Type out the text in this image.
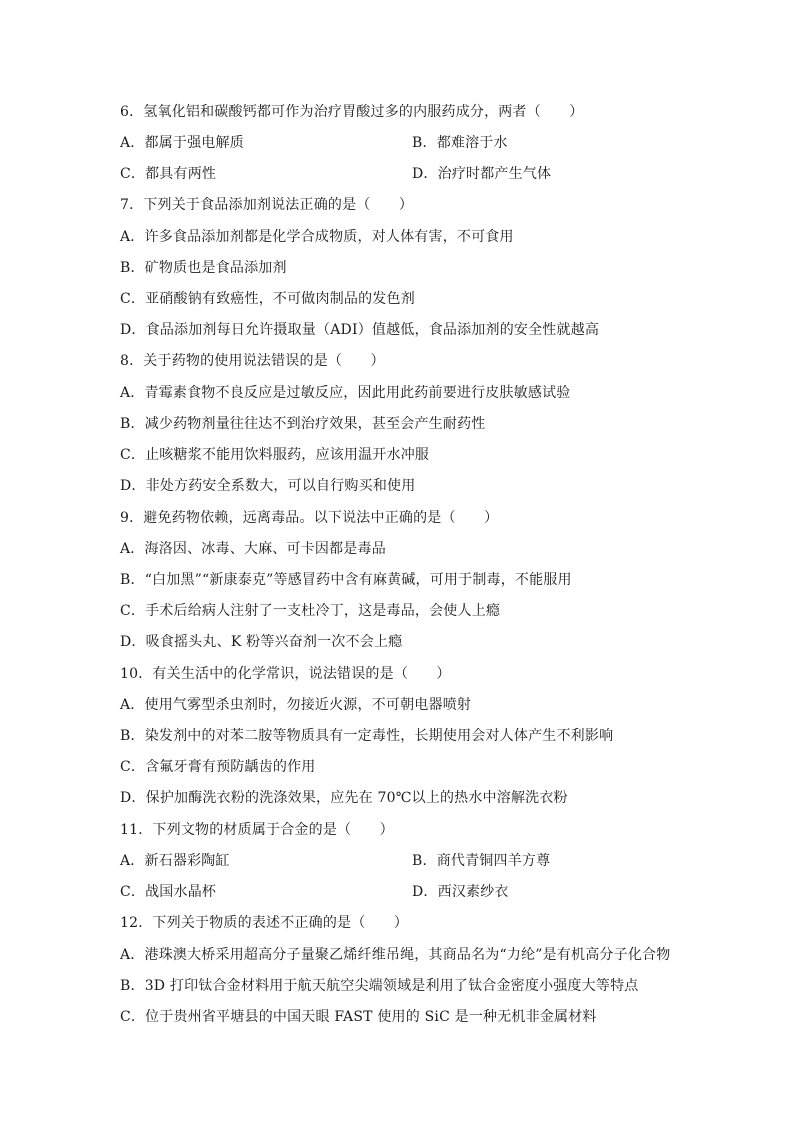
6．氢氧化铝和碳酸钙都可作为治疗胃酸过多的内服药成分，两者（　　）
A．都属于强电解质	B．都难溶于水
C．都具有两性	D．治疗时都产生气体
7．下列关于食品添加剂说法正确的是（　　）
A．许多食品添加剂都是化学合成物质，对人体有害，不可食用
B．矿物质也是食品添加剂
C．亚硝酸钠有致癌性，不可做肉制品的发色剂
D．食品添加剂每日允许摄取量（ADI）值越低，食品添加剂的安全性就越高
8．关于药物的使用说法错误的是（　　）
A．青霉素食物不良反应是过敏反应，因此用此药前要进行皮肤敏感试验
B．减少药物剂量往往达不到治疗效果，甚至会产生耐药性
C．止咳糖浆不能用饮料服药，应该用温开水冲服
D．非处方药安全系数大，可以自行购买和使用
9．避免药物依赖，远离毒品。以下说法中正确的是（　　）
A．海洛因、冰毒、大麻、可卡因都是毒品
B．“白加黑”“新康泰克”等感冒药中含有麻黄碱，可用于制毒，不能服用
C．手术后给病人注射了一支杜冷丁，这是毒品，会使人上瘾
D．吸食摇头丸、K 粉等兴奋剂一次不会上瘾
10．有关生活中的化学常识，说法错误的是（　　）
A．使用气雾型杀虫剂时，勿接近火源，不可朝电器喷射
B．染发剂中的对苯二胺等物质具有一定毒性，长期使用会对人体产生不利影响
C．含氟牙膏有预防龋齿的作用
D．保护加酶洗衣粉的洗涤效果，应先在 70℃以上的热水中溶解洗衣粉
11．下列文物的材质属于合金的是（　　）
A．新石器彩陶缸	B．商代青铜四羊方尊
C．战国水晶杯	D．西汉素纱衣
12．下列关于物质的表述不正确的是（　　）
A．港珠澳大桥采用超高分子量聚乙烯纤维吊绳，其商品名为“力纶”是有机高分子化合物
B．3D 打印钛合金材料用于航天航空尖端领域是利用了钛合金密度小强度大等特点
C．位于贵州省平塘县的中国天眼 FAST 使用的 SiC 是一种无机非金属材料
